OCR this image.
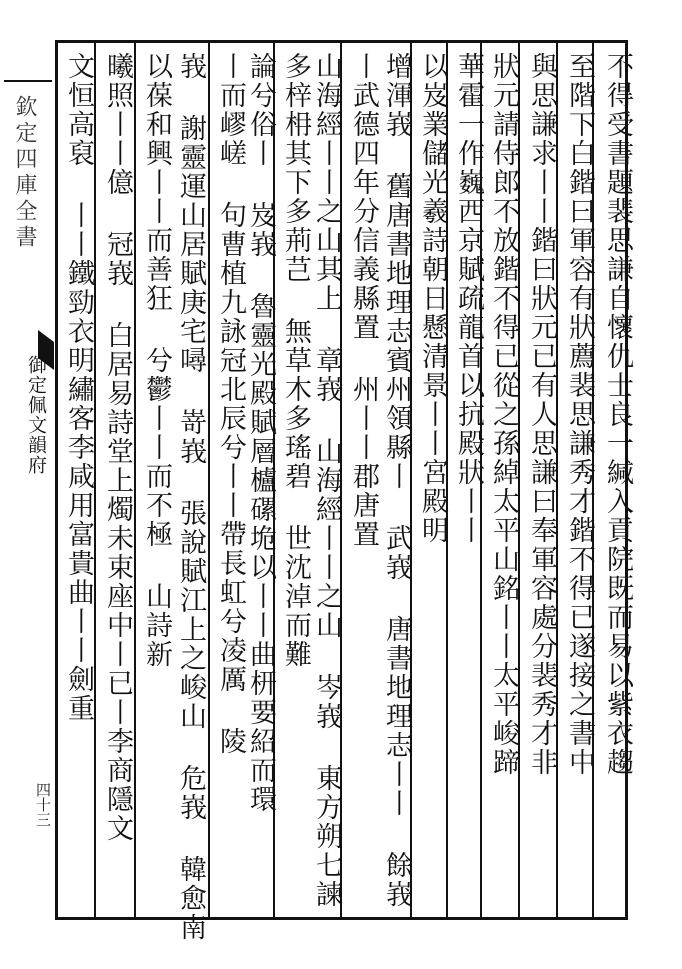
欽定四庫全書
御定佩文韻府
四十三
不得受書題裴思謙自懷仇士良一緘入貢院既而易以紫衣趨
至階下白鍇曰軍容有狀薦裴思謙秀才鍇不得已遂接之書中
與思謙求丨丨鍇曰狀元已有人思謙曰奉軍容處分裴秀才非
狀元請侍郎不放鍇不得已從之孫綽太平山銘丨丨太平峻蹄
華霍一作巍西京賦疏龍首以抗殿狀丨丨
以岌業儲光羲詩朝日懸清景丨丨宮殿明
增渾峩 舊唐書地理志賓州領縣丨 武峩 唐書地理志丨丨 餘峩
丨武德四年分信義縣置 州丨丨郡唐置
山海經丨丨之山其上 章峩 山海經丨丨之山 岑峩 東方朔七諫
多梓枏其下多荊芑 無草木多瑤碧 世沈淖而難
論兮俗丨 岌峩 魯靈光殿賦層櫨磥垝以丨丨曲枅要紹而環
丨而嵺嵯 句曹植九詠冠北辰兮丨丨帶長虹兮凌厲 陵
峩 謝靈運山居賦庚宅噚 嵜峩 張說賦江上之峻山 危峩 韓愈南
以葆和興丨丨而善狂 兮鬱丨丨而不極 山詩新
曦照丨丨億 冠峩 白居易詩堂上燭未束座中丨已丨李商隱文
文恒高裒 丨丨鐵勁衣明繡客李咸用富貴曲丨丨劍重
